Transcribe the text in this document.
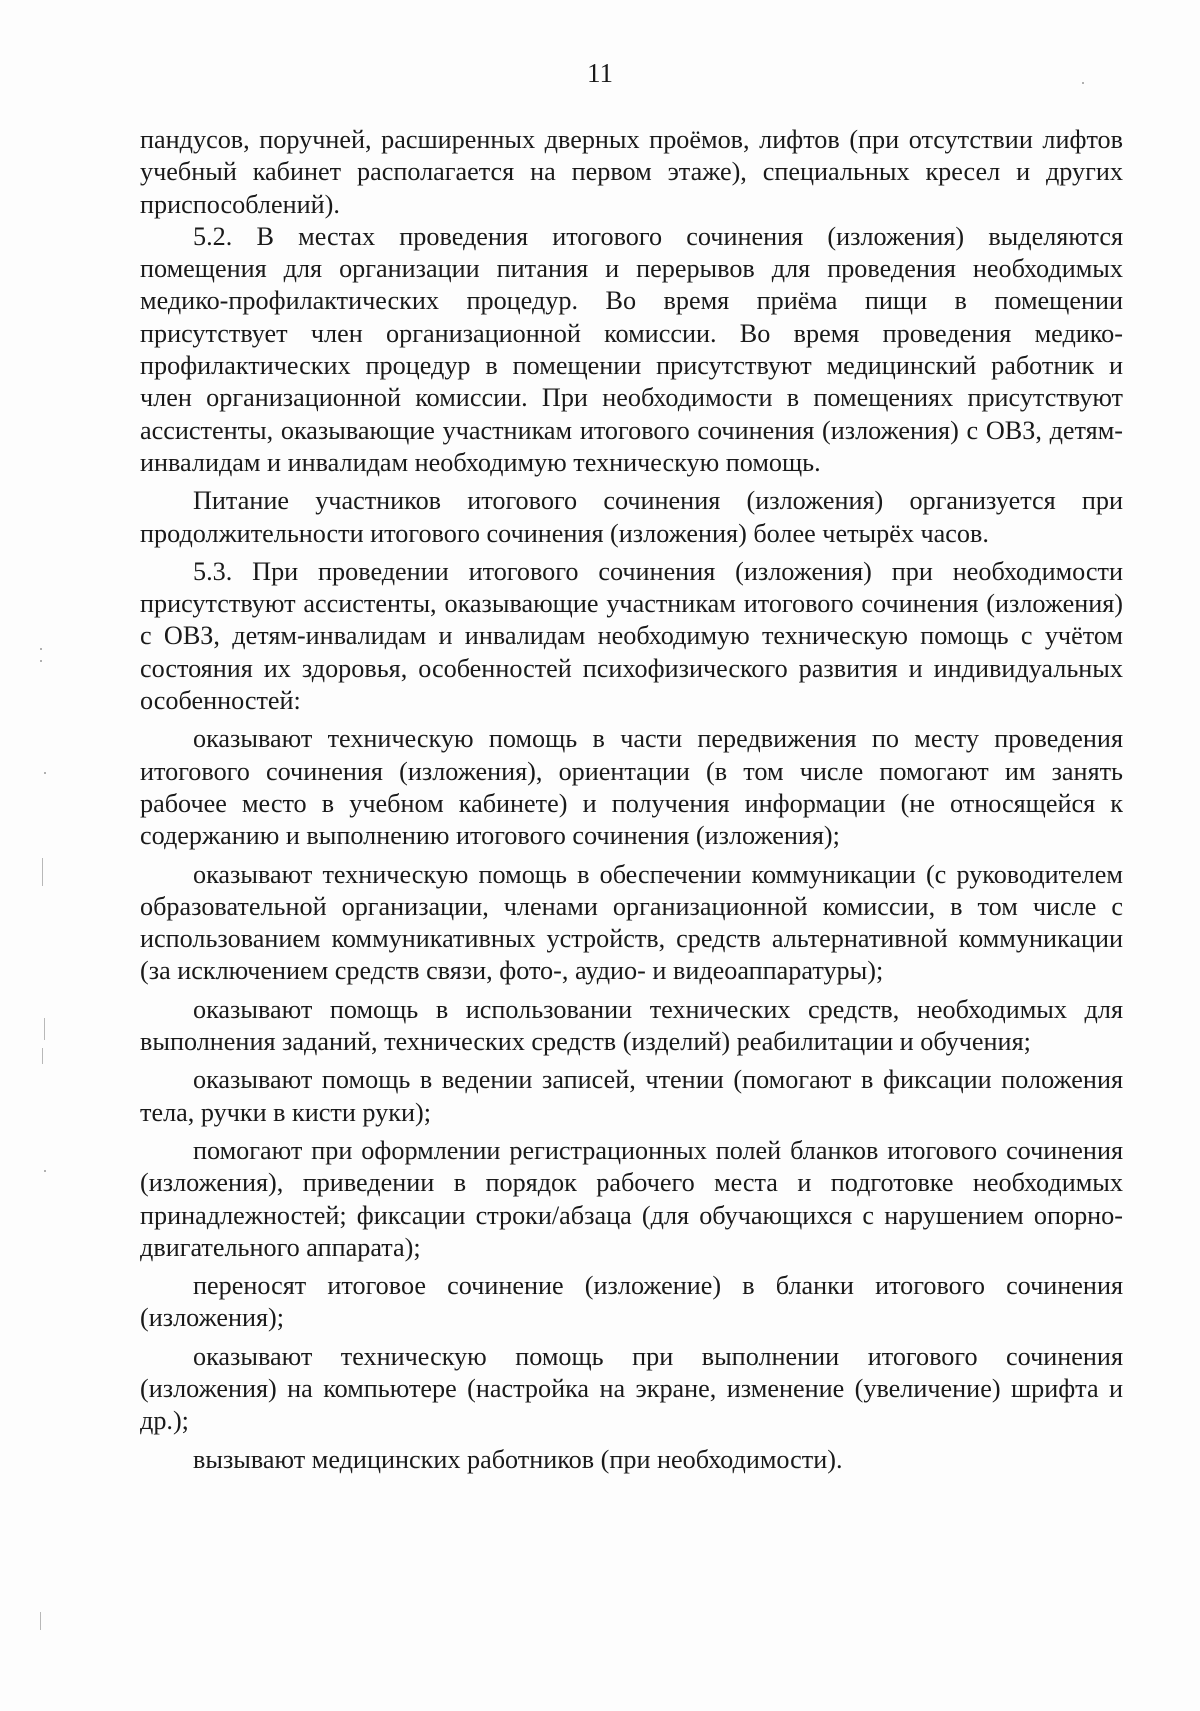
11

пандусов, поручней, расширенных дверных проёмов, лифтов (при отсутствии лифтов учебный кабинет располагается на первом этаже), специальных кресел и других приспособлений).

5.2. В местах проведения итогового сочинения (изложения) выделяются помещения для организации питания и перерывов для проведения необходимых медико-профилактических процедур. Во время приёма пищи в помещении присутствует член организационной комиссии. Во время проведения медико-профилактических процедур в помещении присутствуют медицинский работник и член организационной комиссии. При необходимости в помещениях присутствуют ассистенты, оказывающие участникам итогового сочинения (изложения) с ОВЗ, детям-инвалидам и инвалидам необходимую техническую помощь.

Питание участников итогового сочинения (изложения) организуется при продолжительности итогового сочинения (изложения) более четырёх часов.

5.3. При проведении итогового сочинения (изложения) при необходимости присутствуют ассистенты, оказывающие участникам итогового сочинения (изложения) с ОВЗ, детям-инвалидам и инвалидам необходимую техническую помощь с учётом состояния их здоровья, особенностей психофизического развития и индивидуальных особенностей:

оказывают техническую помощь в части передвижения по месту проведения итогового сочинения (изложения), ориентации (в том числе помогают им занять рабочее место в учебном кабинете) и получения информации (не относящейся к содержанию и выполнению итогового сочинения (изложения);

оказывают техническую помощь в обеспечении коммуникации (с руководителем образовательной организации, членами организационной комиссии, в том числе с использованием коммуникативных устройств, средств альтернативной коммуникации (за исключением средств связи, фото-, аудио- и видеоаппаратуры);

оказывают помощь в использовании технических средств, необходимых для выполнения заданий, технических средств (изделий) реабилитации и обучения;

оказывают помощь в ведении записей, чтении (помогают в фиксации положения тела, ручки в кисти руки);

помогают при оформлении регистрационных полей бланков итогового сочинения (изложения), приведении в порядок рабочего места и подготовке необходимых принадлежностей; фиксации строки/абзаца (для обучающихся с нарушением опорно-двигательного аппарата);

переносят итоговое сочинение (изложение) в бланки итогового сочинения (изложения);

оказывают техническую помощь при выполнении итогового сочинения (изложения) на компьютере (настройка на экране, изменение (увеличение) шрифта и др.);

вызывают медицинских работников (при необходимости).
